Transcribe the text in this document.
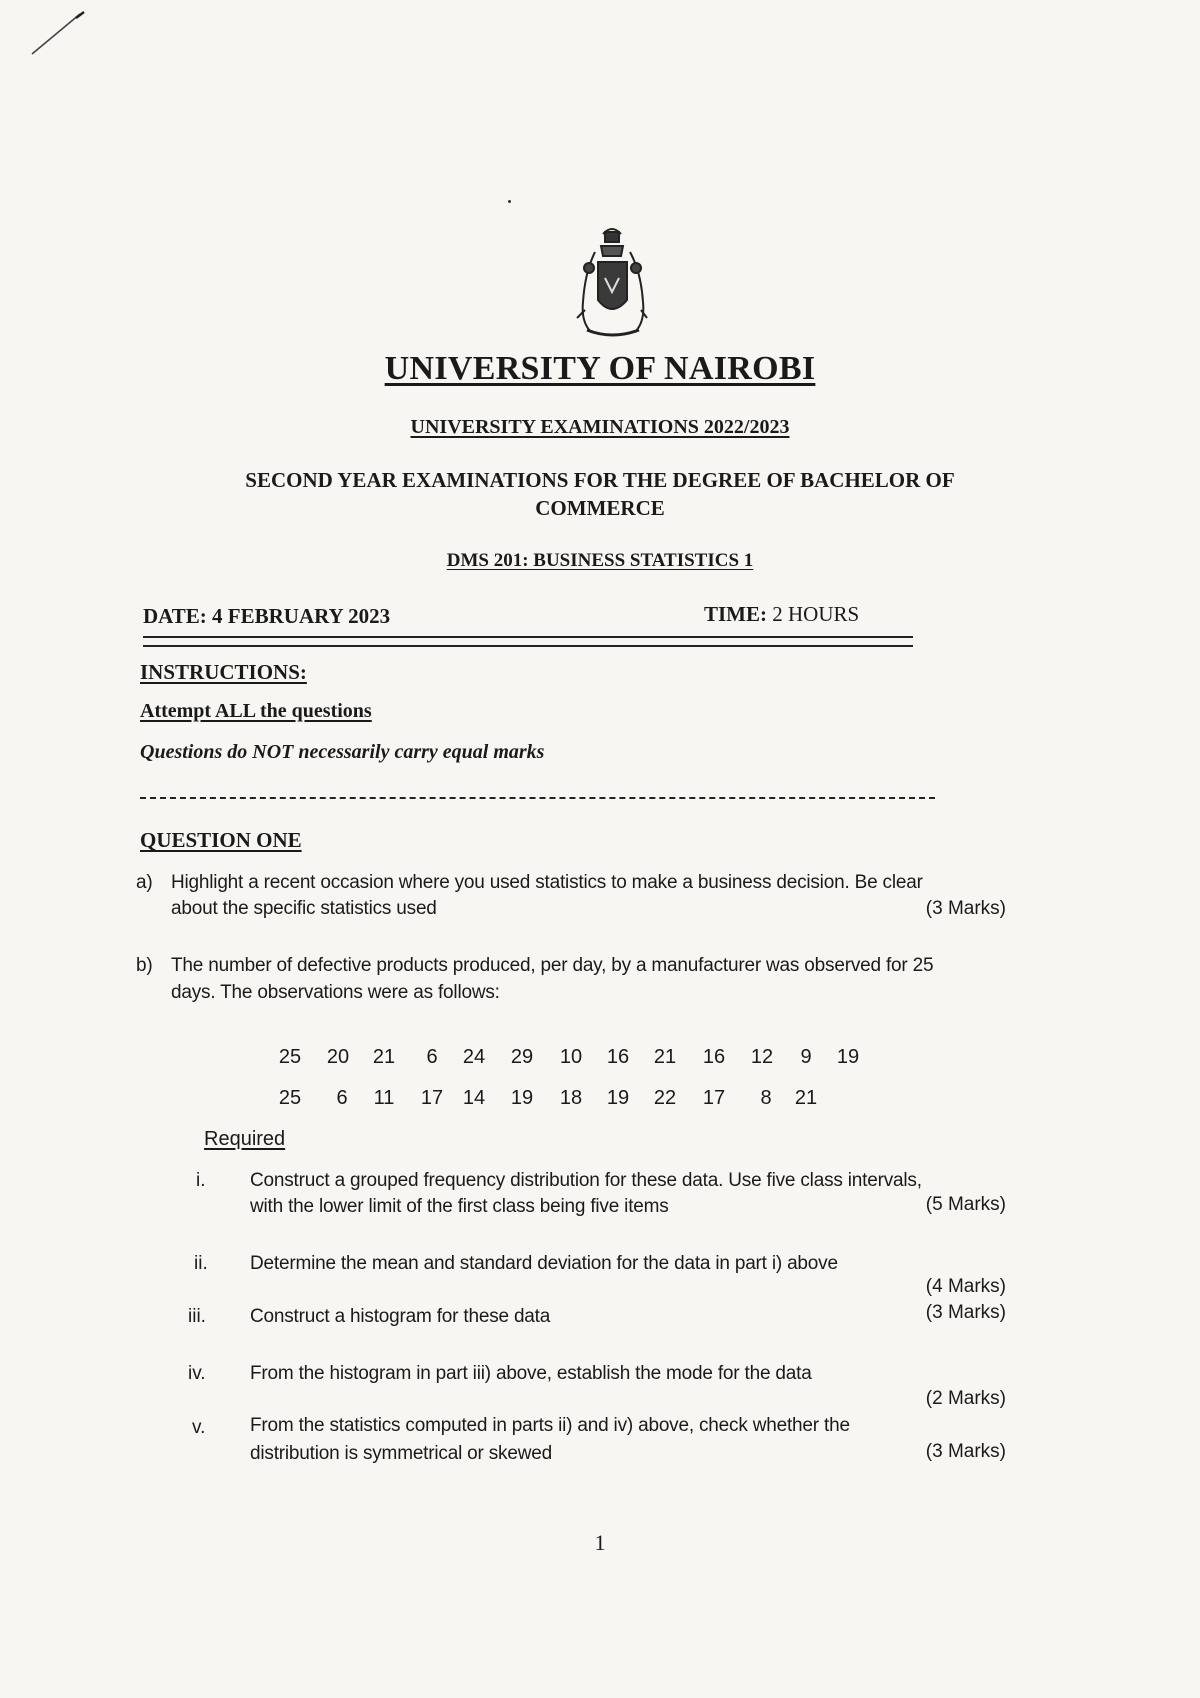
UNIVERSITY OF NAIROBI
UNIVERSITY EXAMINATIONS 2022/2023
SECOND YEAR EXAMINATIONS FOR THE DEGREE OF BACHELOR OF
COMMERCE
DMS 201: BUSINESS STATISTICS 1
DATE: 4 FEBRUARY 2023	TIME: 2 HOURS
INSTRUCTIONS:
Attempt ALL the questions
Questions do NOT necessarily carry equal marks
QUESTION ONE
a) Highlight a recent occasion where you used statistics to make a business decision. Be clear
about the specific statistics used	(3 Marks)
b) The number of defective products produced, per day, by a manufacturer was observed for 25
days. The observations were as follows:
25	20	21	6	24	29	10	16	21	16	12	9	19
25	6	11	17 14	19	18	19	22	17	8	21
Required
i.	Construct a grouped frequency distribution for these data. Use five class intervals,
with the lower limit of the first class being five items	(5 Marks)
ii.	Determine the mean and standard deviation for the data in part i) above
(4 Marks)
iii.	Construct a histogram for these data	(3 Marks)
iv.	From the histogram in part iii) above, establish the mode for the data
(2 Marks)
v.	From the statistics computed in parts ii) and iv) above, check whether the
distribution is symmetrical or skewed	(3 Marks)
1
